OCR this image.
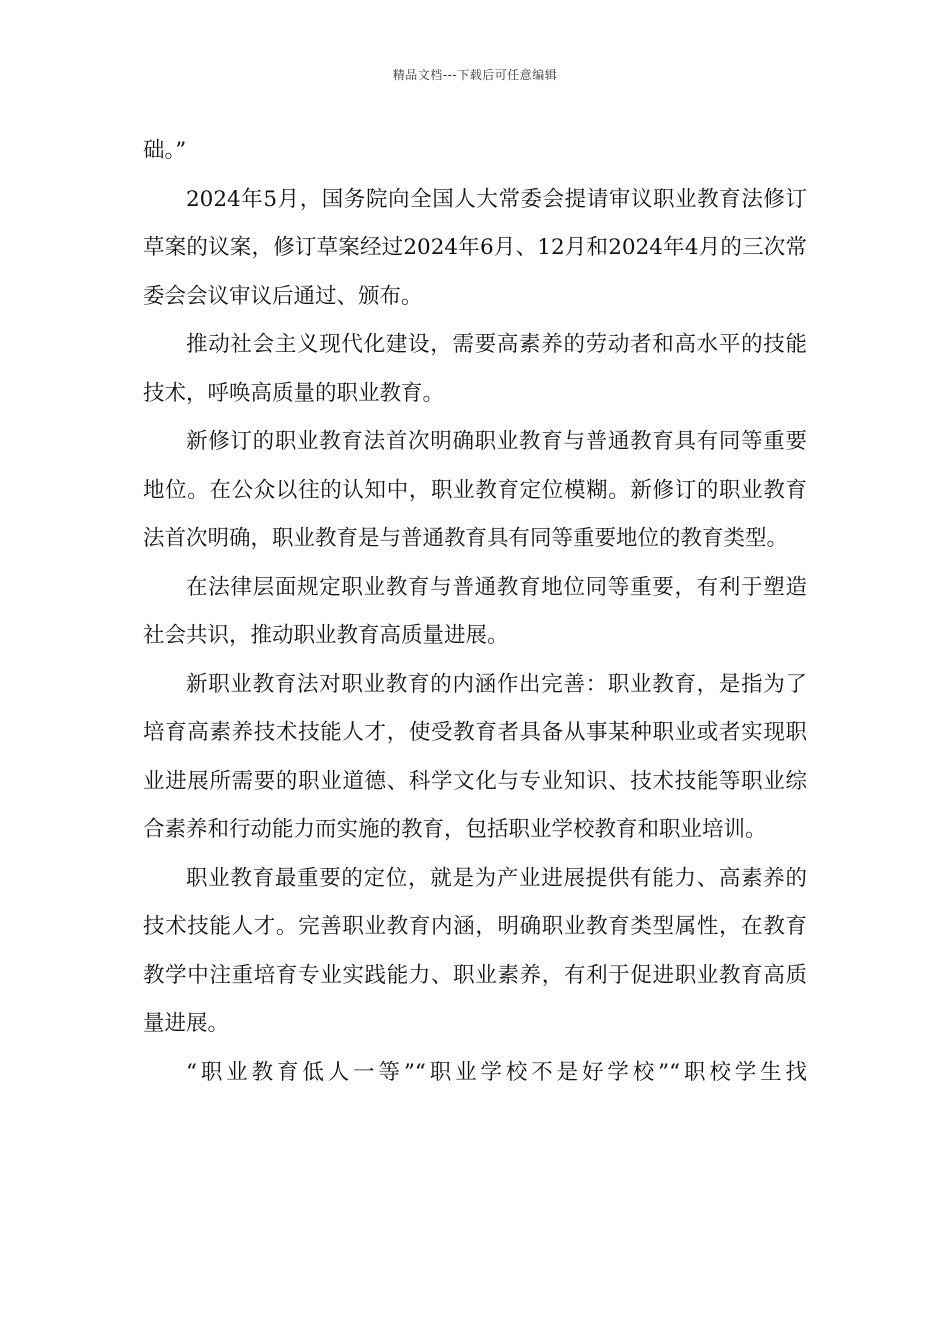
精品文档---下载后可任意编辑

础。”

2024年5月，国务院向全国人大常委会提请审议职业教育法修订草案的议案，修订草案经过2024年6月、12月和2024年4月的三次常委会会议审议后通过、颁布。

推动社会主义现代化建设，需要高素养的劳动者和高水平的技能技术，呼唤高质量的职业教育。

新修订的职业教育法首次明确职业教育与普通教育具有同等重要地位。在公众以往的认知中，职业教育定位模糊。新修订的职业教育法首次明确，职业教育是与普通教育具有同等重要地位的教育类型。

在法律层面规定职业教育与普通教育地位同等重要，有利于塑造社会共识，推动职业教育高质量进展。

新职业教育法对职业教育的内涵作出完善：职业教育，是指为了培育高素养技术技能人才，使受教育者具备从事某种职业或者实现职业进展所需要的职业道德、科学文化与专业知识、技术技能等职业综合素养和行动能力而实施的教育，包括职业学校教育和职业培训。

职业教育最重要的定位，就是为产业进展提供有能力、高素养的技术技能人才。完善职业教育内涵，明确职业教育类型属性，在教育教学中注重培育专业实践能力、职业素养，有利于促进职业教育高质量进展。

“职业教育低人一等”“职业学校不是好学校”“职校学生找
